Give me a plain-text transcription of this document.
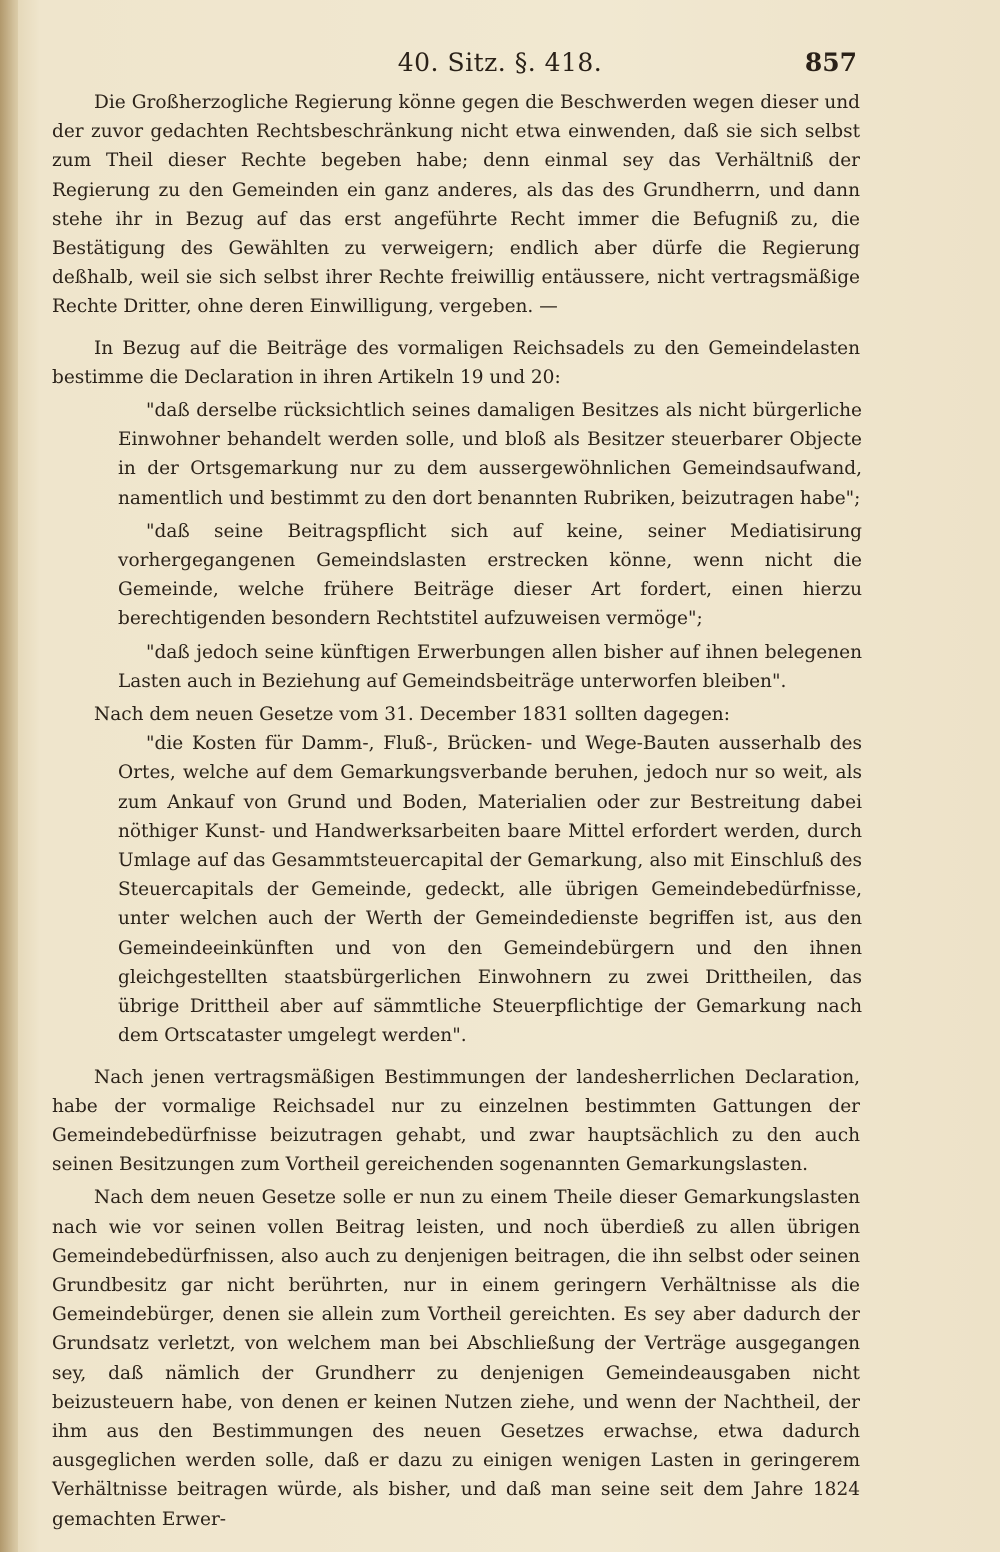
40. Sitz. §. 418.	857

Die Großherzogliche Regierung könne gegen die Beschwerden wegen dieser und der zuvor gedachten Rechtsbeschränkung nicht etwa einwenden, daß sie sich selbst zum Theil dieser Rechte begeben habe; denn einmal sey das Verhältniß der Regierung zu den Gemeinden ein ganz anderes, als das des Grundherrn, und dann stehe ihr in Bezug auf das erst angeführte Recht immer die Befugniß zu, die Bestätigung des Gewählten zu verweigern; endlich aber dürfe die Regierung deßhalb, weil sie sich selbst ihrer Rechte freiwillig entäussere, nicht vertragsmäßige Rechte Dritter, ohne deren Einwilligung, vergeben. —

In Bezug auf die Beiträge des vormaligen Reichsadels zu den Gemeindelasten bestimme die Declaration in ihren Artikeln 19 und 20:

"daß derselbe rücksichtlich seines damaligen Besitzes als nicht bürgerliche Einwohner behandelt werden solle, und bloß als Besitzer steuerbarer Objecte in der Ortsgemarkung nur zu dem aussergewöhnlichen Gemeindsaufwand, namentlich und bestimmt zu den dort benannten Rubriken, beizutragen habe";

"daß seine Beitragspflicht sich auf keine, seiner Mediatisirung vorhergegangenen Gemeindslasten erstrecken könne, wenn nicht die Gemeinde, welche frühere Beiträge dieser Art fordert, einen hierzu berechtigenden besondern Rechtstitel aufzuweisen vermöge";

"daß jedoch seine künftigen Erwerbungen allen bisher auf ihnen belegenen Lasten auch in Beziehung auf Gemeindsbeiträge unterworfen bleiben".

Nach dem neuen Gesetze vom 31. December 1831 sollten dagegen:

"die Kosten für Damm-, Fluß-, Brücken- und Wege-Bauten ausserhalb des Ortes, welche auf dem Gemarkungsverbande beruhen, jedoch nur so weit, als zum Ankauf von Grund und Boden, Materialien oder zur Bestreitung dabei nöthiger Kunst- und Handwerksarbeiten baare Mittel erfordert werden, durch Umlage auf das Gesammtsteuercapital der Gemarkung, also mit Einschluß des Steuercapitals der Gemeinde, gedeckt, alle übrigen Gemeindebedürfnisse, unter welchen auch der Werth der Gemeindedienste begriffen ist, aus den Gemeindeeinkünften und von den Gemeindebürgern und den ihnen gleichgestellten staatsbürgerlichen Einwohnern zu zwei Drittheilen, das übrige Drittheil aber auf sämmtliche Steuerpflichtige der Gemarkung nach dem Ortscataster umgelegt werden".

Nach jenen vertragsmäßigen Bestimmungen der landesherrlichen Declaration, habe der vormalige Reichsadel nur zu einzelnen bestimmten Gattungen der Gemeindebedürfnisse beizutragen gehabt, und zwar hauptsächlich zu den auch seinen Besitzungen zum Vortheil gereichenden sogenannten Gemarkungslasten.

Nach dem neuen Gesetze solle er nun zu einem Theile dieser Gemarkungslasten nach wie vor seinen vollen Beitrag leisten, und noch überdieß zu allen übrigen Gemeindebedürfnissen, also auch zu denjenigen beitragen, die ihn selbst oder seinen Grundbesitz gar nicht berührten, nur in einem geringern Verhältnisse als die Gemeindebürger, denen sie allein zum Vortheil gereichten. Es sey aber dadurch der Grundsatz verletzt, von welchem man bei Abschließung der Verträge ausgegangen sey, daß nämlich der Grundherr zu denjenigen Gemeindeausgaben nicht beizusteuern habe, von denen er keinen Nutzen ziehe, und wenn der Nachtheil, der ihm aus den Bestimmungen des neuen Gesetzes erwachse, etwa dadurch ausgeglichen werden solle, daß er dazu zu einigen wenigen Lasten in geringerem Verhältnisse beitragen würde, als bisher, und daß man seine seit dem Jahre 1824 gemachten Erwer-
